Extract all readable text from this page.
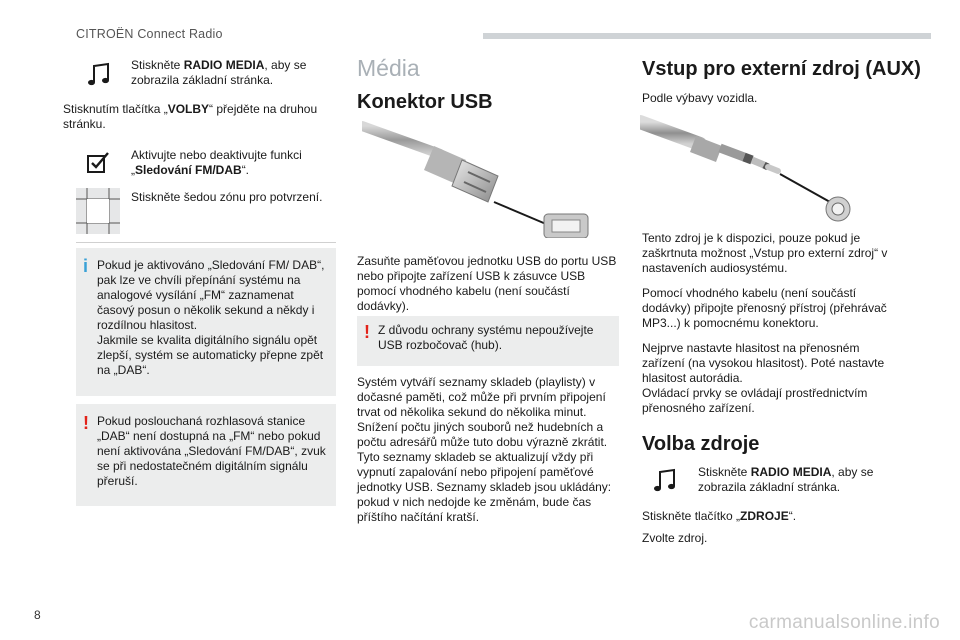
CITROËN Connect Radio
Stiskněte RADIO MEDIA, aby se zobrazila základní stránka.
Stisknutím tlačítka „VOLBY“ přejděte na druhou stránku.
Aktivujte nebo deaktivujte funkci „Sledování FM/DAB“.
Stiskněte šedou zónu pro potvrzení.
i Pokud je aktivováno „Sledování FM/ DAB“, pak lze ve chvíli přepínání systému na analogové vysílání „FM“ zaznamenat časový posun o několik sekund a někdy i rozdílnou hlasitost.
Jakmile se kvalita digitálního signálu opět zlepší, systém se automaticky přepne zpět na „DAB“.
! Pokud poslouchaná rozhlasová stanice „DAB“ není dostupná na „FM“ nebo pokud není aktivována „Sledování FM/DAB“, zvuk se při nedostatečném digitálním signálu přeruší.
Média
Konektor USB
Zasuňte paměťovou jednotku USB do portu USB nebo připojte zařízení USB k zásuvce USB pomocí vhodného kabelu (není součástí dodávky).
! Z důvodu ochrany systému nepoužívejte USB rozbočovač (hub).
Systém vytváří seznamy skladeb (playlisty) v dočasné paměti, což může při prvním připojení trvat od několika sekund do několika minut. Snížení počtu jiných souborů než hudebních a počtu adresářů může tuto dobu výrazně zkrátit. Tyto seznamy skladeb se aktualizují vždy při vypnutí zapalování nebo připojení paměťové jednotky USB. Seznamy skladeb jsou ukládány: pokud v nich nedojde ke změnám, bude čas příštího načítání kratší.
Vstup pro externí zdroj (AUX)
Podle výbavy vozidla.
Tento zdroj je k dispozici, pouze pokud je zaškrtnuta možnost „Vstup pro externí zdroj“ v nastaveních audiosystému.
Pomocí vhodného kabelu (není součástí dodávky) připojte přenosný přístroj (přehrávač MP3...) k pomocnému konektoru.
Nejprve nastavte hlasitost na přenosném zařízení (na vysokou hlasitost). Poté nastavte hlasitost autorádia.
Ovládací prvky se ovládají prostřednictvím přenosného zařízení.
Volba zdroje
Stiskněte RADIO MEDIA, aby se zobrazila základní stránka.
Stiskněte tlačítko „ZDROJE“.
Zvolte zdroj.
8	carmanualsonline.info
